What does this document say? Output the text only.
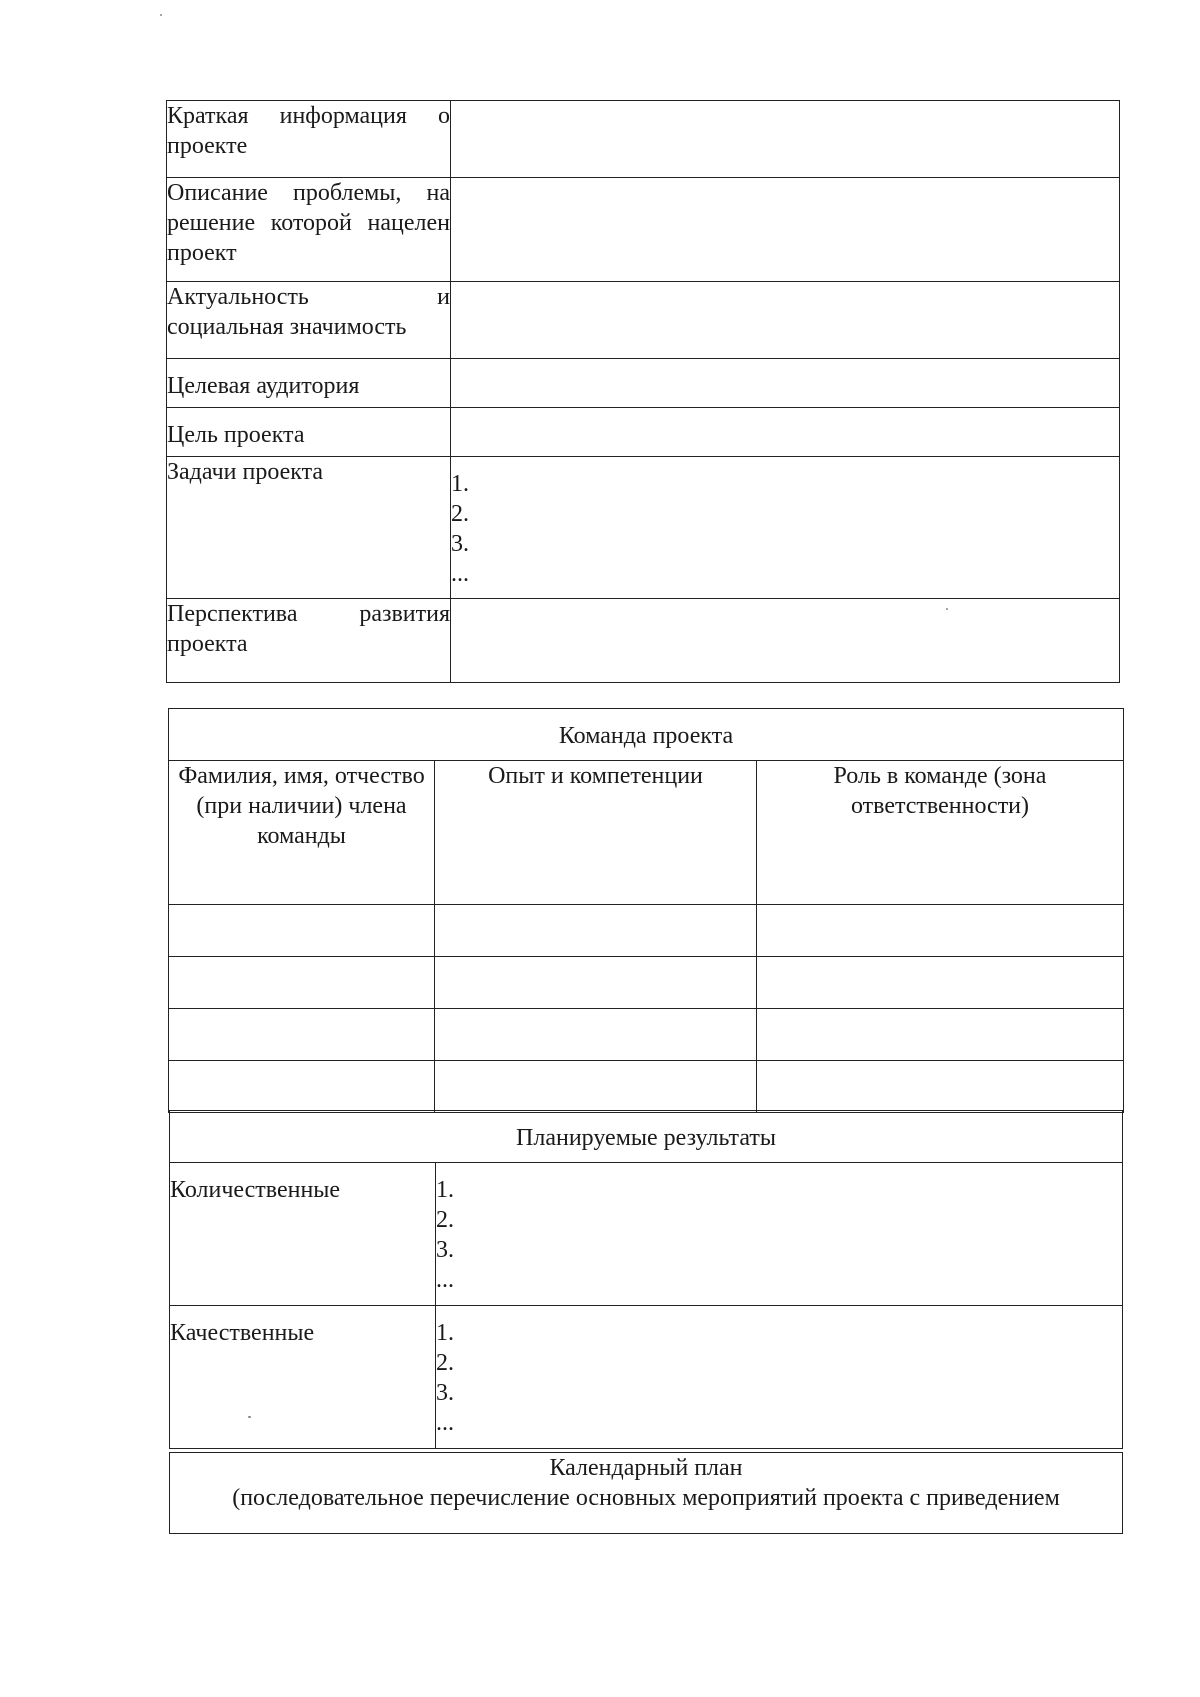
Краткая информация о проекте	
Описание проблемы, на решение которой нацелен проект	
Актуальность и социальная значимость	
Целевая аудитория	
Цель проекта	
Задачи проекта	1.
2.
3.
...

Перспектива развития проекта	
Команда проекта		
Фамилия, имя, отчество (при наличии) члена команды	Опыт и компетенции	Роль в команде (зона ответственности)

Планируемые результаты	
Количественные	1.
2.
3.
...

Качественные	1.
2.
3.
...
Календарный план
(последовательное перечисление основных мероприятий проекта с приведением
